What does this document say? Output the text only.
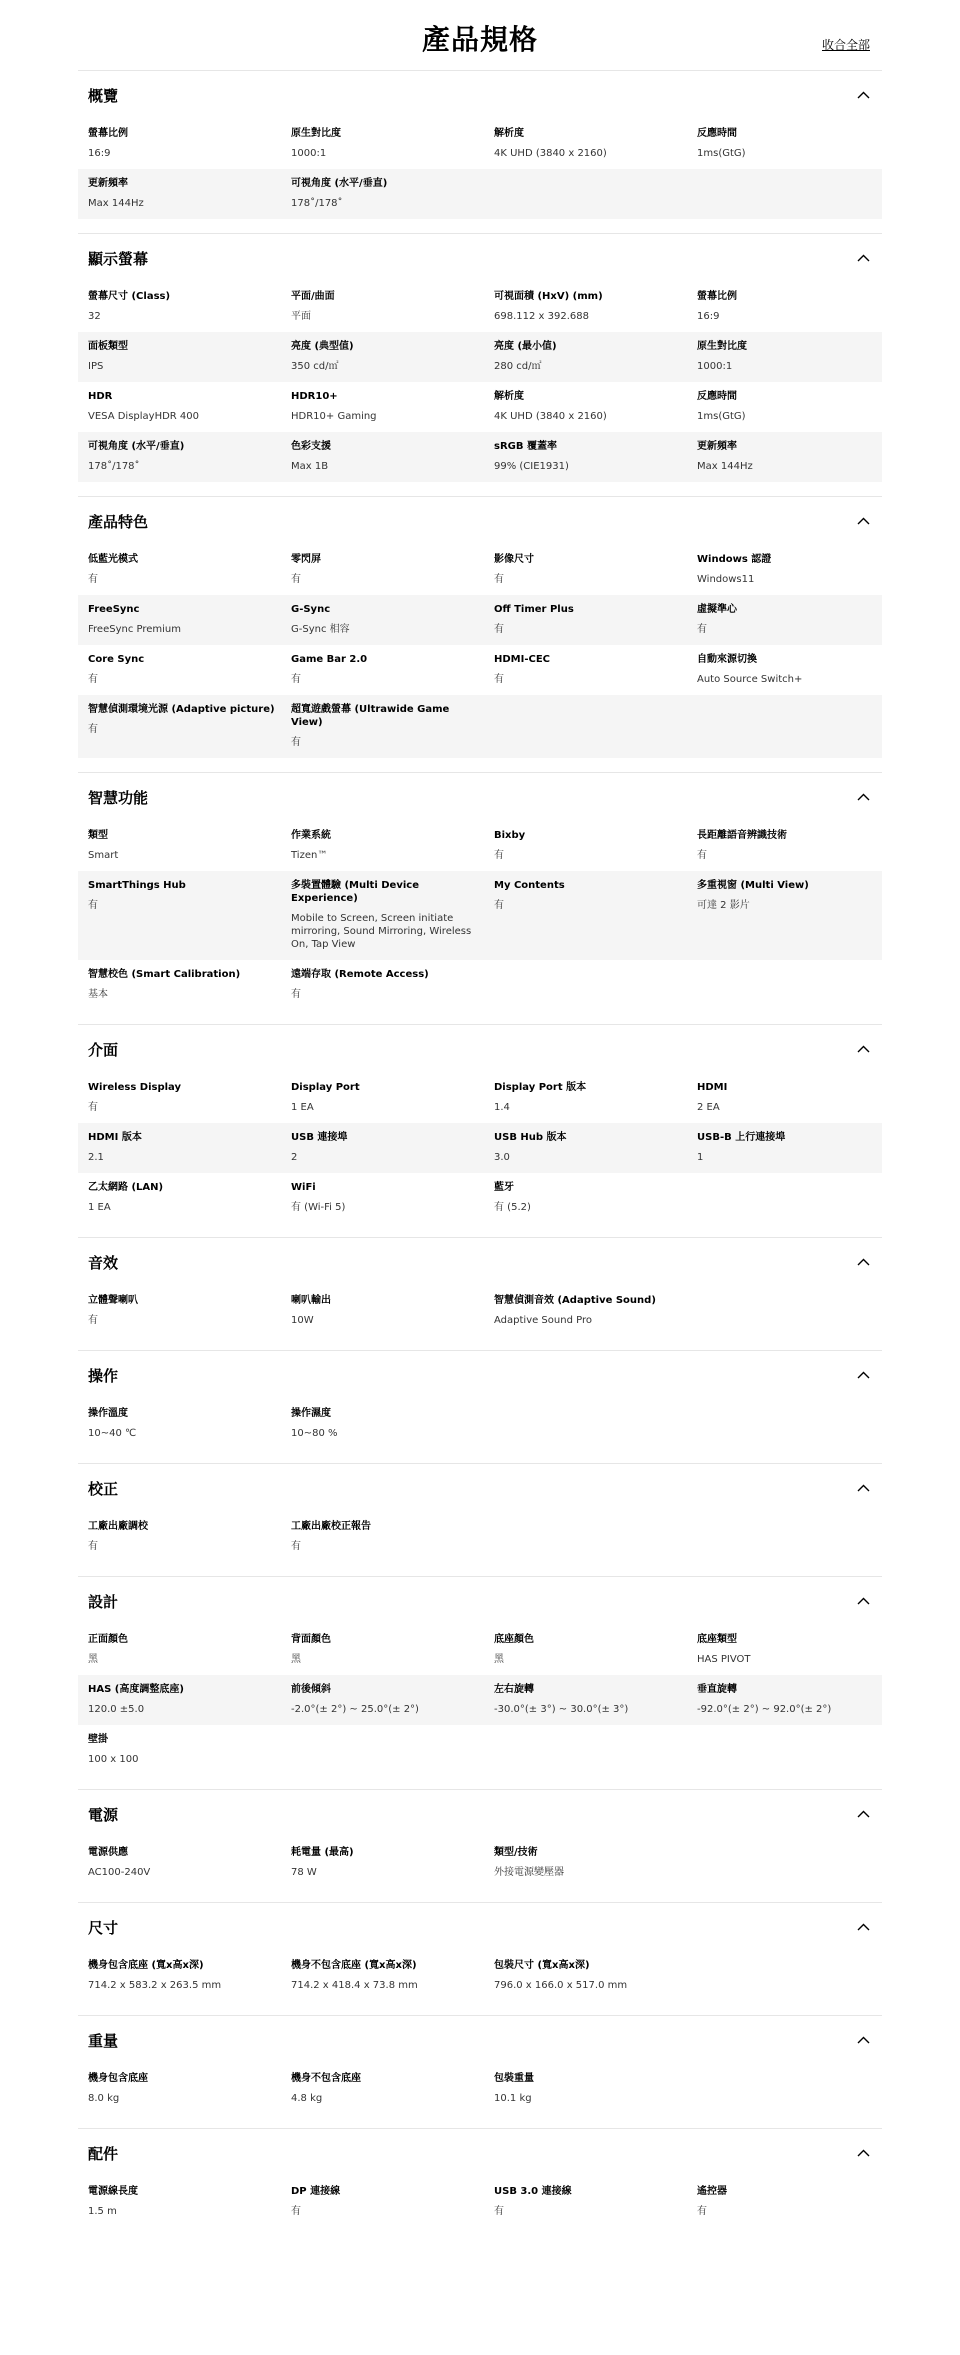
產品規格	收合全部
概覽
螢幕比例
16:9
原生對比度
1000:1
解析度
4K UHD (3840 x 2160)
反應時間
1ms(GtG)
更新頻率
Max 144Hz
可視角度 (水平/垂直)
178˚/178˚
顯示螢幕
螢幕尺寸 (Class)
32
平面/曲面
平面
可視面積 (HxV) (mm)
698.112 x 392.688
螢幕比例
16:9
面板類型
IPS
亮度 (典型值)
350 cd/㎡
亮度 (最小值)
280 cd/㎡
原生對比度
1000:1
HDR
VESA DisplayHDR 400
HDR10+
HDR10+ Gaming
解析度
4K UHD (3840 x 2160)
反應時間
1ms(GtG)
可視角度 (水平/垂直)
178˚/178˚
色彩支援
Max 1B
sRGB 覆蓋率
99% (CIE1931)
更新頻率
Max 144Hz
產品特色
低藍光模式
有
零閃屏
有
影像尺寸
有
Windows 認證
Windows11
FreeSync
FreeSync Premium
G-Sync
G-Sync 相容
Off Timer Plus
有
虛擬準心
有
Core Sync
有
Game Bar 2.0
有
HDMI-CEC
有
自動來源切換
Auto Source Switch+
智慧偵測環境光源 (Adaptive picture)
有
超寬遊戲螢幕 (Ultrawide Game View)
有
智慧功能
類型
Smart
作業系統
Tizen™
Bixby
有
長距離語音辨識技術
有
SmartThings Hub
有
多裝置體驗 (Multi Device Experience)
Mobile to Screen, Screen initiate mirroring, Sound Mirroring, Wireless On, Tap View
My Contents
有
多重視窗 (Multi View)
可達 2 影片
智慧校色 (Smart Calibration)
基本
遠端存取 (Remote Access)
有
介面
Wireless Display
有
Display Port
1 EA
Display Port 版本
1.4
HDMI
2 EA
HDMI 版本
2.1
USB 連接埠
2
USB Hub 版本
3.0
USB-B 上行連接埠
1
乙太網路 (LAN)
1 EA
WiFi
有 (Wi-Fi 5)
藍牙
有 (5.2)
音效
立體聲喇叭
有
喇叭輸出
10W
智慧偵測音效 (Adaptive Sound)
Adaptive Sound Pro
操作
操作溫度
10~40 ℃
操作濕度
10~80 %
校正
工廠出廠調校
有
工廠出廠校正報告
有
設計
正面顏色
黑
背面顏色
黑
底座顏色
黑
底座類型
HAS PIVOT
HAS (高度調整底座)
120.0 ±5.0
前後傾斜
-2.0°(± 2°) ~ 25.0°(± 2°)
左右旋轉
-30.0°(± 3°) ~ 30.0°(± 3°)
垂直旋轉
-92.0°(± 2°) ~ 92.0°(± 2°)
壁掛
100 x 100
電源
電源供應
AC100-240V
耗電量 (最高)
78 W
類型/技術
外接電源變壓器
尺寸
機身包含底座 (寬x高x深)
714.2 x 583.2 x 263.5 mm
機身不包含底座 (寬x高x深)
714.2 x 418.4 x 73.8 mm
包裝尺寸 (寬x高x深)
796.0 x 166.0 x 517.0 mm
重量
機身包含底座
8.0 kg
機身不包含底座
4.8 kg
包裝重量
10.1 kg
配件
電源線長度
1.5 m
DP 連接線
有
USB 3.0 連接線
有
遙控器
有
